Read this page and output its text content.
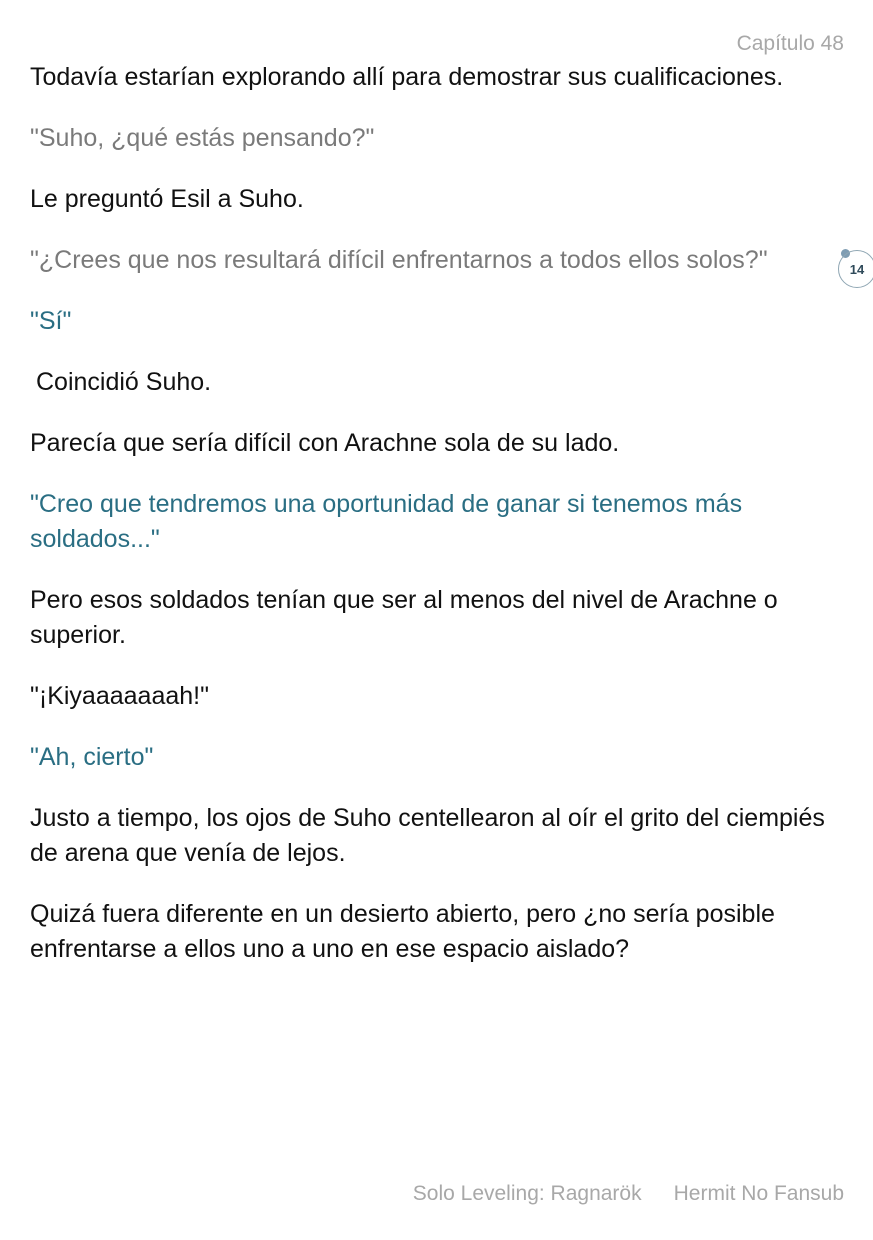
Capítulo 48
14

Todavía estarían explorando allí para demostrar sus cualificaciones.

"Suho, ¿qué estás pensando?"

Le preguntó Esil a Suho.

"¿Crees que nos resultará difícil enfrentarnos a todos ellos solos?"

"Sí"

Coincidió Suho.

Parecía que sería difícil con Arachne sola de su lado.

"Creo que tendremos una oportunidad de ganar si tenemos más soldados..."

Pero esos soldados tenían que ser al menos del nivel de Arachne o superior.

"¡Kiyaaaaaaah!"

"Ah, cierto"

Justo a tiempo, los ojos de Suho centellearon al oír el grito del ciempiés de arena que venía de lejos.

Quizá fuera diferente en un desierto abierto, pero ¿no sería posible enfrentarse a ellos uno a uno en ese espacio aislado?

Solo Leveling: Ragnarök Hermit No Fansub
